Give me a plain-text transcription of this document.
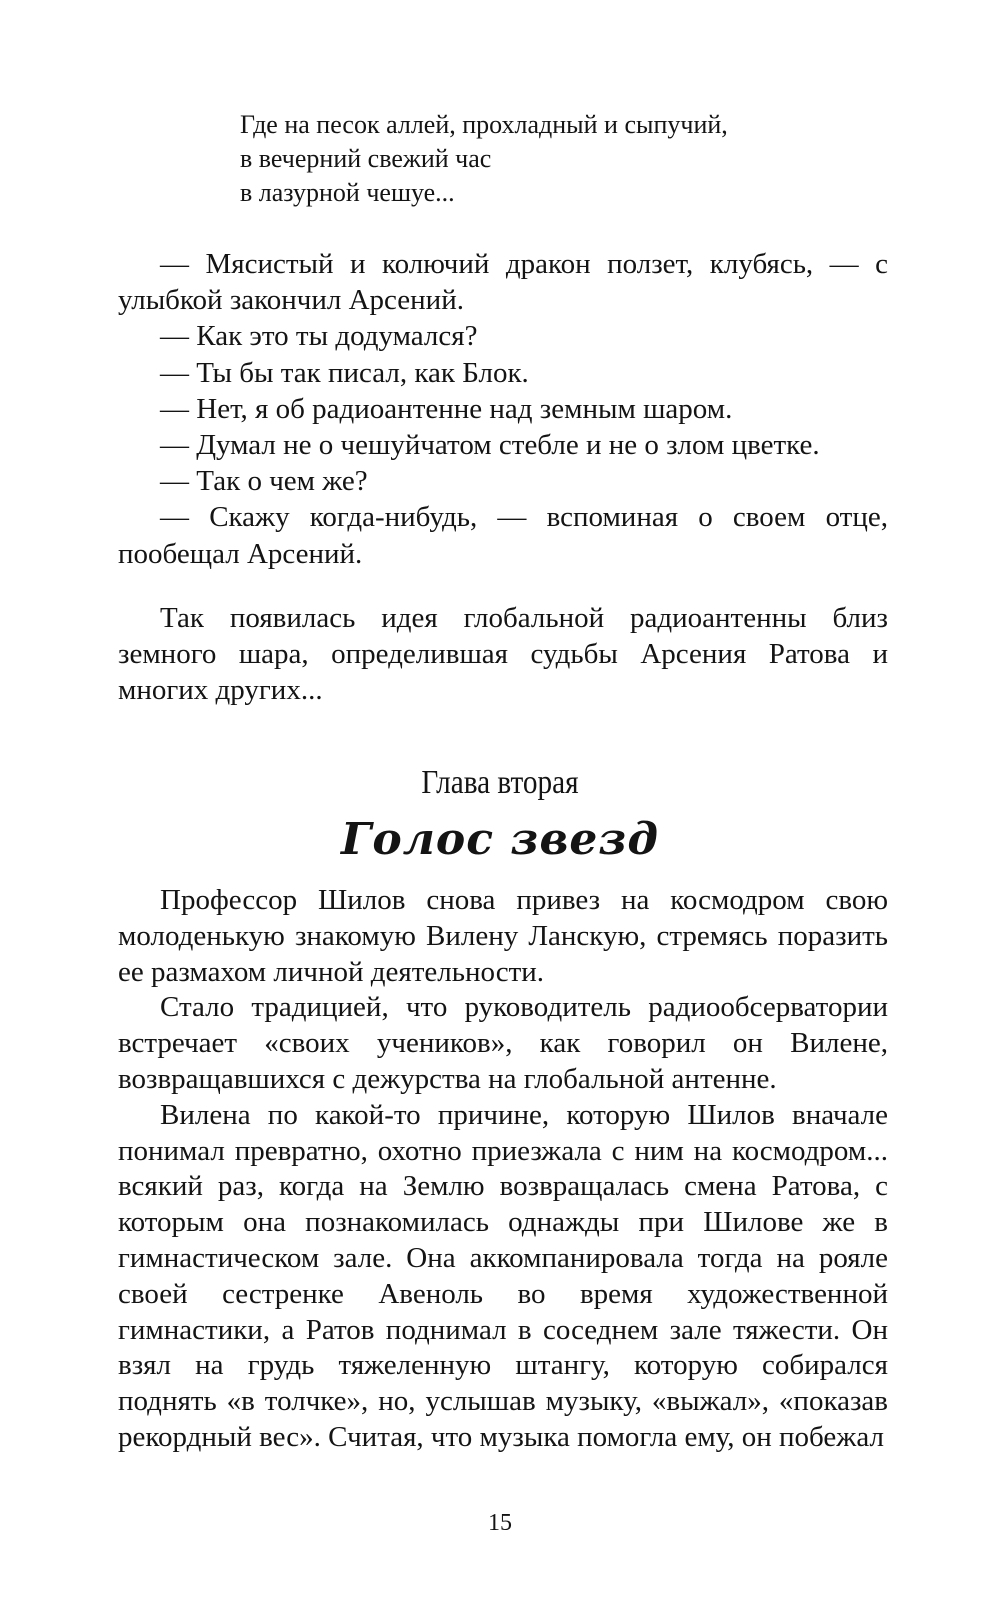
Где на песок аллей, прохладный и сыпучий,
в вечерний свежий час
в лазурной чешуе...

— Мясистый и колючий дракон ползет, клубясь, — с улыбкой закончил Арсений.

— Как это ты додумался?

— Ты бы так писал, как Блок.

— Нет, я об радиоантенне над земным шаром.

— Думал не о чешуйчатом стебле и не о злом цветке.

— Так о чем же?

— Скажу когда-нибудь, — вспоминая о своем отце, пообещал Арсений.

Так появилась идея глобальной радиоантенны близ земного шара, определившая судьбы Арсения Ратова и многих других...

Глава вторая
Голос звезд

Профессор Шилов снова привез на космодром свою молоденькую знакомую Вилену Ланскую, стремясь поразить ее размахом личной деятельности.

Стало традицией, что руководитель радиообсерватории встречает «своих учеников», как говорил он Вилене, возвращавшихся с дежурства на глобальной антенне.

Вилена по какой-то причине, которую Шилов вначале понимал превратно, охотно приезжала с ним на космодром... всякий раз, когда на Землю возвращалась смена Ратова, с которым она познакомилась однажды при Шилове же в гимнастическом зале. Она аккомпанировала тогда на рояле своей сестренке Авеноль во время художественной гимнастики, а Ратов поднимал в соседнем зале тяжести. Он взял на грудь тяжеленную штангу, которую собирался поднять «в толчке», но, услышав музыку, «выжал», «показав рекордный вес». Считая, что музыка помогла ему, он побежал

15
